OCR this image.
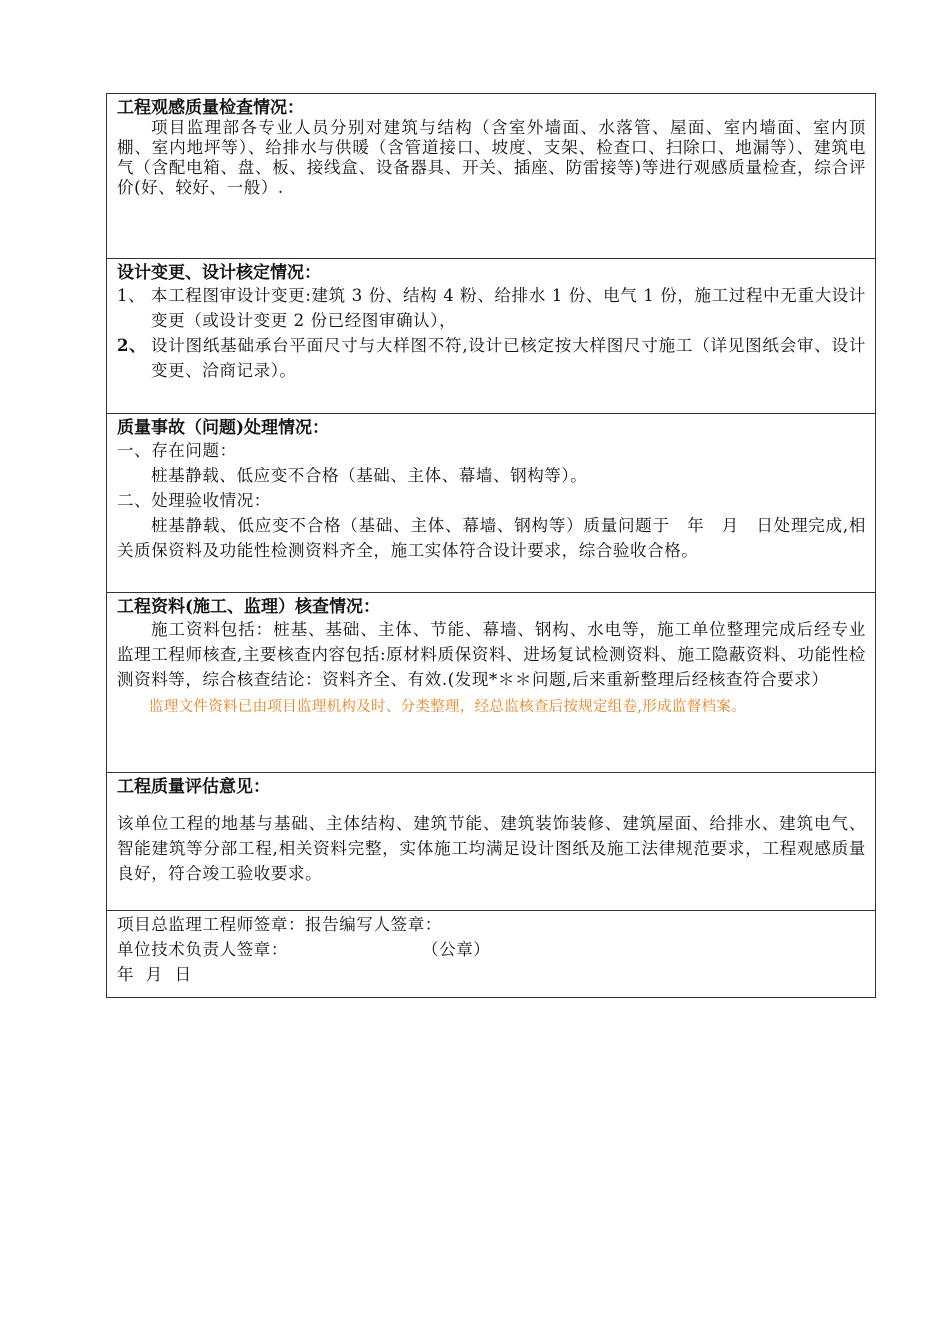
工程观感质量检查情况：
项目监理部各专业人员分别对建筑与结构（含室外墙面、水落管、屋面、室内墙面、室内顶棚、室内地坪等）、给排水与供暖（含管道接口、坡度、支架、检查口、扫除口、地漏等）、建筑电气（含配电箱、盘、板、接线盒、设备器具、开关、插座、防雷接等)等进行观感质量检查，综合评价(好、较好、一般）.
设计变更、设计核定情况：
1、 本工程图审设计变更:建筑 3 份、结构 4 粉、给排水 1 份、电气 1 份，施工过程中无重大设计变更（或设计变更 2 份已经图审确认），
2、 设计图纸基础承台平面尺寸与大样图不符,设计已核定按大样图尺寸施工（详见图纸会审、设计变更、洽商记录）。
质量事故（问题)处理情况：
一、存在问题：
桩基静载、低应变不合格（基础、主体、幕墙、钢构等）。
二、处理验收情况：
桩基静载、低应变不合格（基础、主体、幕墙、钢构等）质量问题于　年　月　日处理完成,相关质保资料及功能性检测资料齐全，施工实体符合设计要求，综合验收合格。
工程资料(施工、监理）核查情况：
施工资料包括：桩基、基础、主体、节能、幕墙、钢构、水电等，施工单位整理完成后经专业监理工程师核查,主要核查内容包括:原材料质保资料、进场复试检测资料、施工隐蔽资料、功能性检测资料等，综合核查结论：资料齐全、有效.(发现*＊＊问题,后来重新整理后经核查符合要求）
监理文件资料已由项目监理机构及时、分类整理，经总监核查后按规定组卷,形成监督档案。
工程质量评估意见：
该单位工程的地基与基础、主体结构、建筑节能、建筑装饰装修、建筑屋面、给排水、建筑电气、智能建筑等分部工程,相关资料完整，实体施工均满足设计图纸及施工法律规范要求，工程观感质量良好，符合竣工验收要求。
项目总监理工程师签章：报告编写人签章：
单位技术负责人签章：	（公章）
年  月  日
